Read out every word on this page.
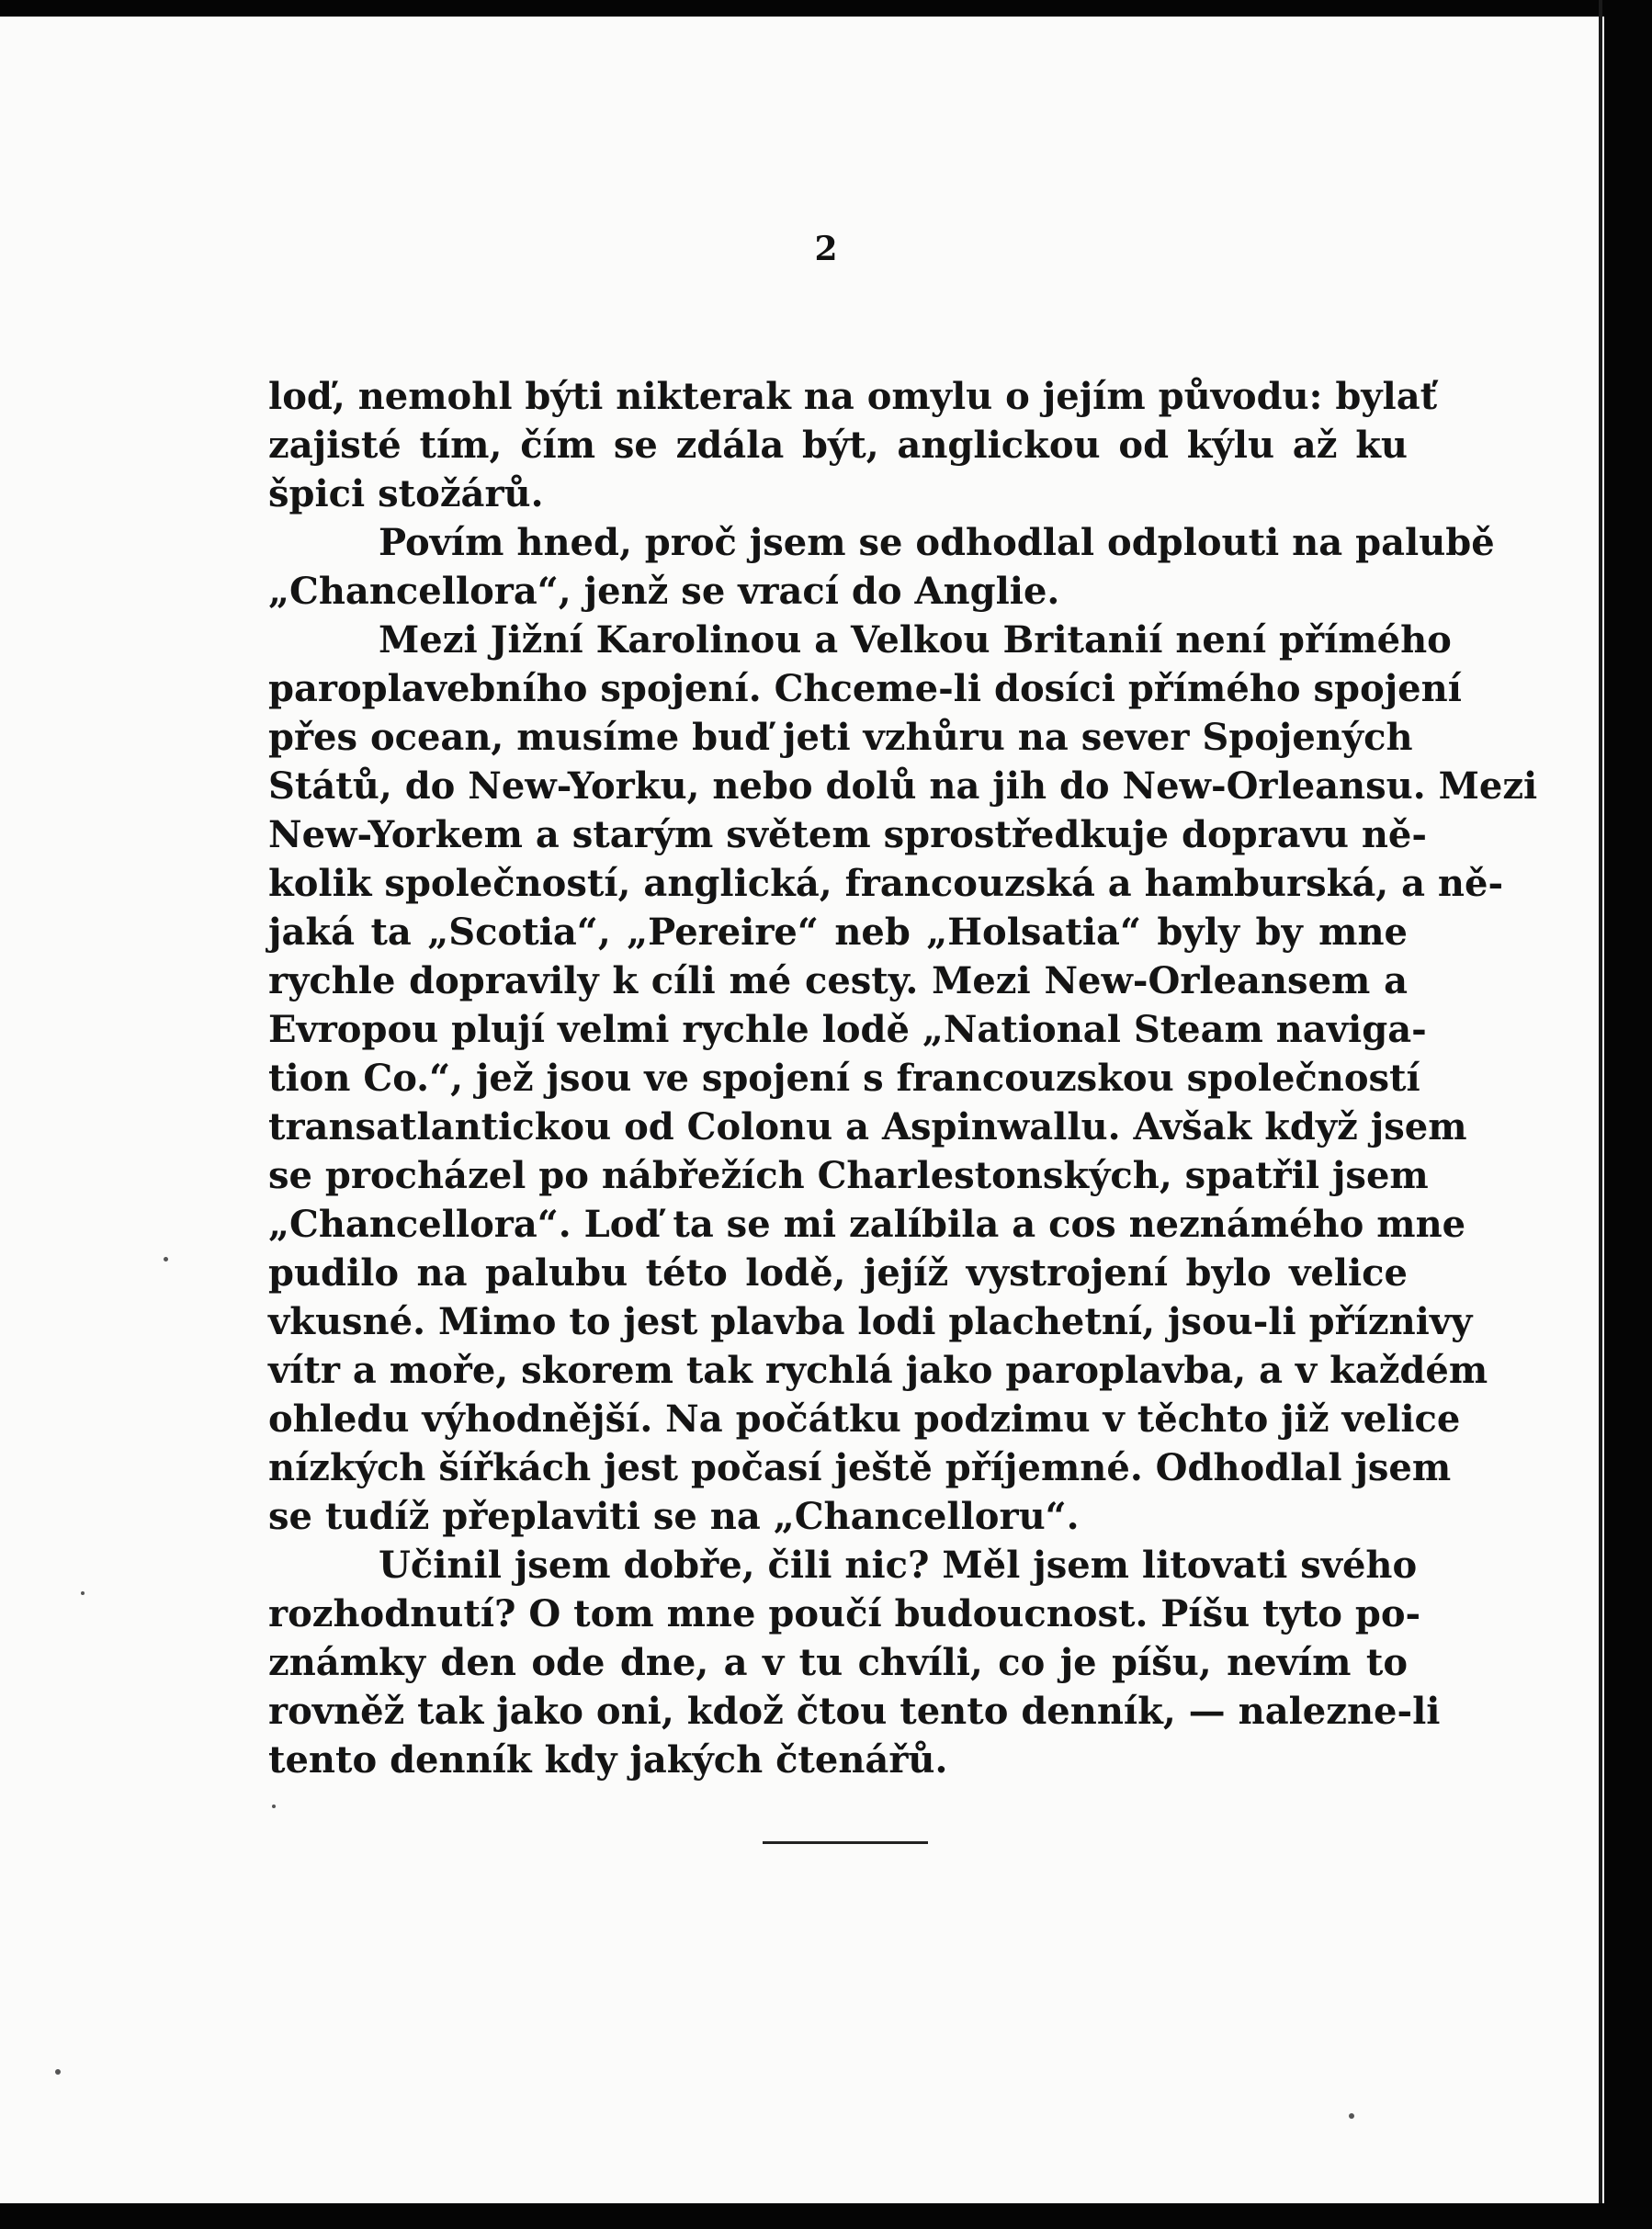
2
loď, nemohl býti nikterak na omylu o jejím původu: bylať
zajisté tím, čím se zdála být, anglickou od kýlu až ku
špici stožárů.
Povím hned, proč jsem se odhodlal odplouti na palubě
„Chancellora“, jenž se vrací do Anglie.
Mezi Jižní Karolinou a Velkou Britanií není přímého
paroplavebního spojení. Chceme-li dosíci přímého spojení
přes ocean, musíme buď jeti vzhůru na sever Spojených
Států, do New-Yorku, nebo dolů na jih do New-Orleansu. Mezi
New-Yorkem a starým světem sprostředkuje dopravu ně-
kolik společností, anglická, francouzská a hamburská, a ně-
jaká ta „Scotia“, „Pereire“ neb „Holsatia“ byly by mne
rychle dopravily k cíli mé cesty. Mezi New-Orleansem a
Evropou plují velmi rychle lodě „National Steam naviga-
tion Co.“, jež jsou ve spojení s francouzskou společností
transatlantickou od Colonu a Aspinwallu. Avšak když jsem
se procházel po nábřežích Charlestonských, spatřil jsem
„Chancellora“. Loď ta se mi zalíbila a cos neznámého mne
pudilo na palubu této lodě, jejíž vystrojení bylo velice
vkusné. Mimo to jest plavba lodi plachetní, jsou-li příznivy
vítr a moře, skorem tak rychlá jako paroplavba, a v každém
ohledu výhodnější. Na počátku podzimu v těchto již velice
nízkých šířkách jest počasí ještě příjemné. Odhodlal jsem
se tudíž přeplaviti se na „Chancelloru“.
Učinil jsem dobře, čili nic? Měl jsem litovati svého
rozhodnutí? O tom mne poučí budoucnost. Píšu tyto po-
známky den ode dne, a v tu chvíli, co je píšu, nevím to
rovněž tak jako oni, kdož čtou tento denník, — nalezne-li
tento denník kdy jakých čtenářů.
